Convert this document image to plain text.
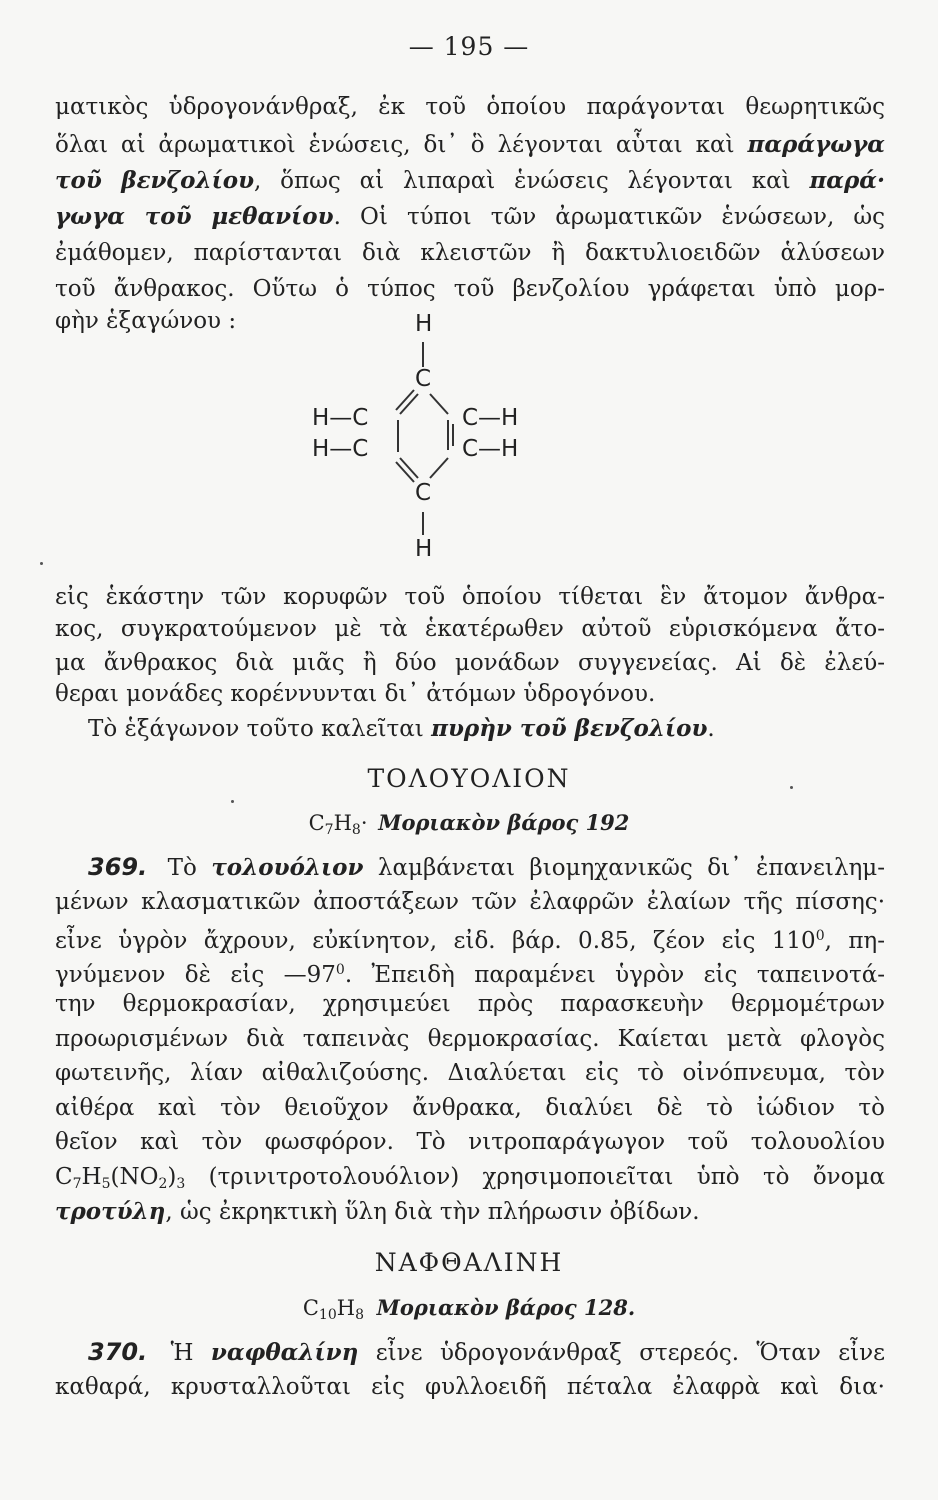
— 195 —
ματικὸς ὑδρογονάνθραξ, ἐκ τοῦ ὁποίου παράγονται θεωρητικῶς
ὅλαι αἱ ἀρωματικοὶ ἑνώσεις, δι᾽ ὃ λέγονται αὗται καὶ παράγωγα
τοῦ βενζολίου, ὅπως αἱ λιπαραὶ ἑνώσεις λέγονται καὶ παρά·
γωγα τοῦ μεθανίου. Οἱ τύποι τῶν ἀρωματικῶν ἑνώσεων, ὡς
ἐμάθομεν, παρίστανται διὰ κλειστῶν ἢ δακτυλιοειδῶν ἁλύσεων
τοῦ ἄνθρακος. Οὕτω ὁ τύπος τοῦ βενζολίου γράφεται ὑπὸ μορ-
φὴν ἑξαγώνου :	H
C
H—C
H—C
C—H
C—H
C
H
εἰς ἑκάστην τῶν κορυφῶν τοῦ ὁποίου τίθεται ἓν ἄτομον ἄνθρα-
κος, συγκρατούμενον μὲ τὰ ἑκατέρωθεν αὐτοῦ εὑρισκόμενα ἄτο-
μα ἄνθρακος διὰ μιᾶς ἢ δύο μονάδων συγγενείας. Αἱ δὲ ἐλεύ-
θεραι μονάδες κορέννυνται δι᾽ ἀτόμων ὑδρογόνου.
Τὸ ἑξάγωνον τοῦτο καλεῖται πυρὴν τοῦ βενζολίου.
ΤΟΛΟΥΟΛΙΟΝ
$C_7H_8\cdot$ Μοριακὸν βάρος 192
369. Τὸ τολουόλιον λαμβάνεται βιομηχανικῶς δι᾽ ἐπανειλημ-
μένων κλασματικῶν ἀποστάξεων τῶν ἐλαφρῶν ἐλαίων τῆς πίσσης·
εἶνε ὑγρὸν ἄχρουν, εὐκίνητον, εἰδ. βάρ. 0.85, ζέον εἰς $110^0$, πη-
γνύμενον δὲ εἰς $—97^0$. Ἐπειδὴ παραμένει ὑγρὸν εἰς ταπεινοτά-
την θερμοκρασίαν, χρησιμεύει πρὸς παρασκευὴν θερμομέτρων
προωρισμένων διὰ ταπεινὰς θερμοκρασίας. Καίεται μετὰ φλογὸς
φωτεινῆς, λίαν αἰθαλιζούσης. Διαλύεται εἰς τὸ οἰνόπνευμα, τὸν
αἰθέρα καὶ τὸν θειοῦχον ἄνθρακα, διαλύει δὲ τὸ ἰώδιον τὸ
θεῖον καὶ τὸν φωσφόρον. Τὸ νιτροπαράγωγον τοῦ τολουολίου
$C_7H_5(NO_2)_3$ (τρινιτροτολουόλιον) χρησιμοποιεῖται ὑπὸ τὸ ὄνομα
τροτύλη, ὡς ἐκρηκτικὴ ὕλη διὰ τὴν πλήρωσιν ὀβίδων.
ΝΑΦΘΑΛΙΝΗ
$C_{10}H_8$ Μοριακὸν βάρος 128.
370. Ἡ ναφθαλίνη εἶνε ὑδρογονάνθραξ στερεός. Ὅταν εἶνε
καθαρά, κρυσταλλοῦται εἰς φυλλοειδῆ πέταλα ἐλαφρὰ καὶ δια·
